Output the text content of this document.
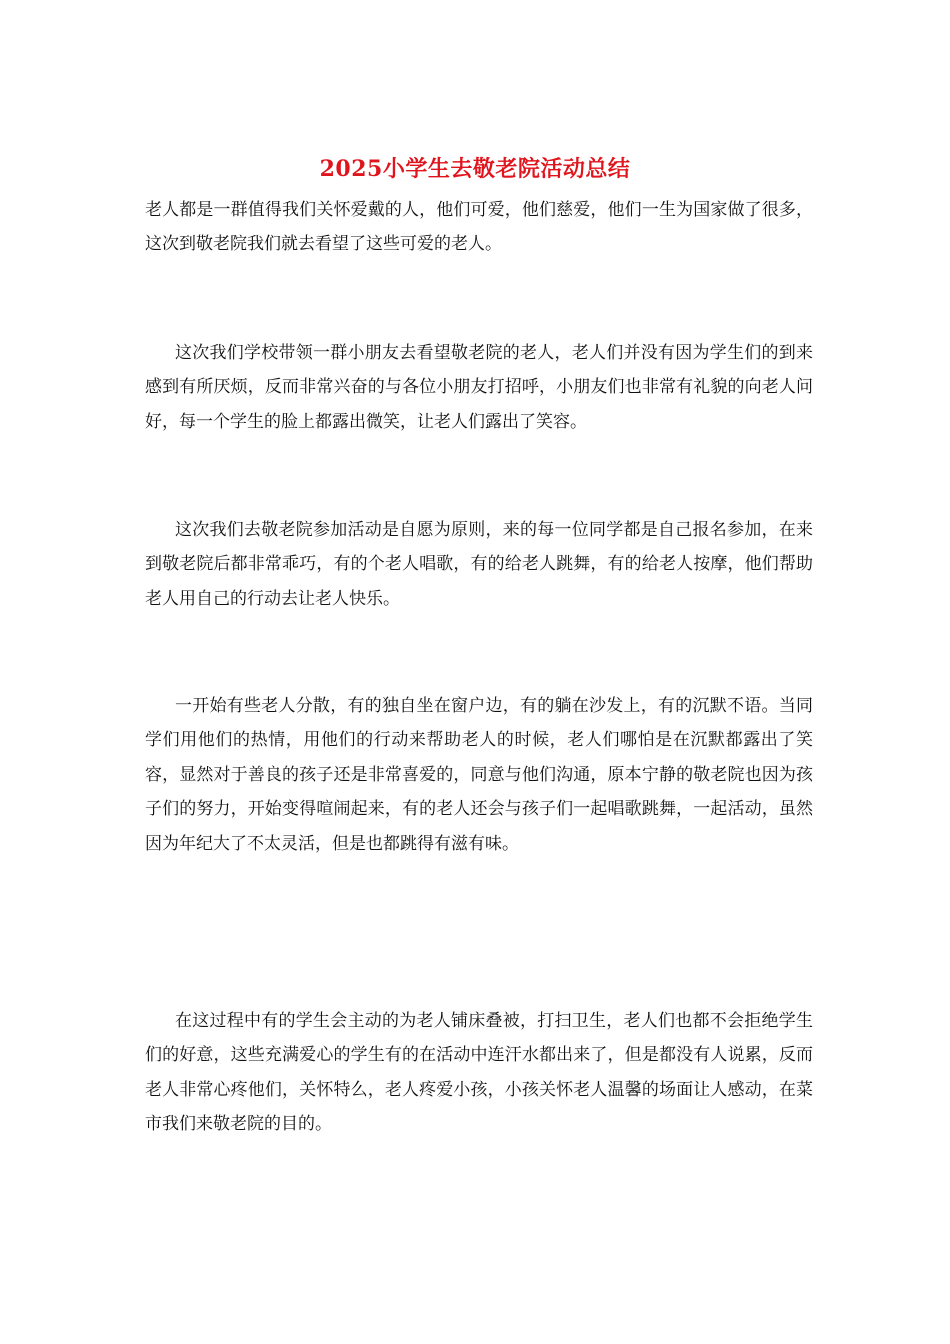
2025小学生去敬老院活动总结

老人都是一群值得我们关怀爱戴的人，他们可爱，他们慈爱，他们一生为国家做了很多，这次到敬老院我们就去看望了这些可爱的老人。

这次我们学校带领一群小朋友去看望敬老院的老人，老人们并没有因为学生们的到来感到有所厌烦，反而非常兴奋的与各位小朋友打招呼，小朋友们也非常有礼貌的向老人问好，每一个学生的脸上都露出微笑，让老人们露出了笑容。

这次我们去敬老院参加活动是自愿为原则，来的每一位同学都是自己报名参加，在来到敬老院后都非常乖巧，有的个老人唱歌，有的给老人跳舞，有的给老人按摩，他们帮助老人用自己的行动去让老人快乐。

一开始有些老人分散，有的独自坐在窗户边，有的躺在沙发上，有的沉默不语。当同学们用他们的热情，用他们的行动来帮助老人的时候，老人们哪怕是在沉默都露出了笑容，显然对于善良的孩子还是非常喜爱的，同意与他们沟通，原本宁静的敬老院也因为孩子们的努力，开始变得喧闹起来，有的老人还会与孩子们一起唱歌跳舞，一起活动，虽然因为年纪大了不太灵活，但是也都跳得有滋有味。

在这过程中有的学生会主动的为老人铺床叠被，打扫卫生，老人们也都不会拒绝学生们的好意，这些充满爱心的学生有的在活动中连汗水都出来了，但是都没有人说累，反而老人非常心疼他们，关怀特么，老人疼爱小孩，小孩关怀老人温馨的场面让人感动，在菜市我们来敬老院的目的。
